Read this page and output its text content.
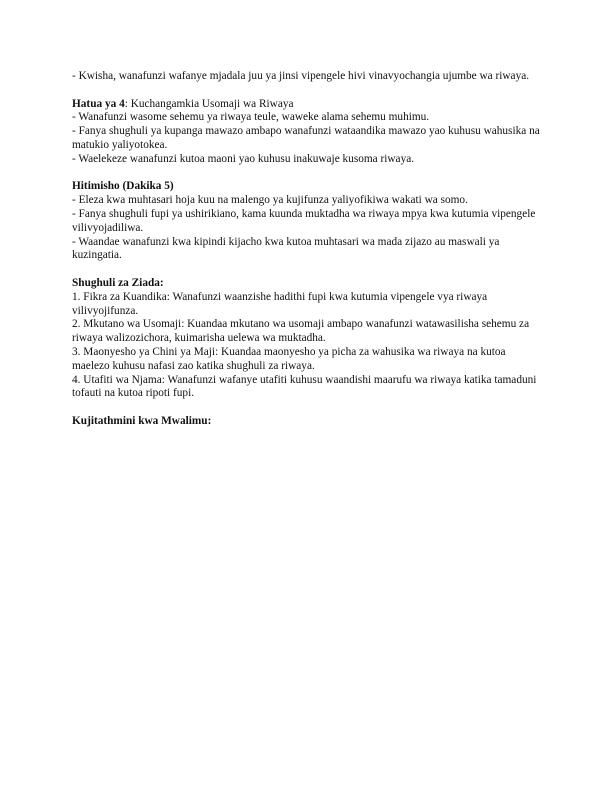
- Kwisha, wanafunzi wafanye mjadala juu ya jinsi vipengele hivi vinavyochangia ujumbe wa riwaya.
Hatua ya 4: Kuchangamkia Usomaji wa Riwaya
- Wanafunzi wasome sehemu ya riwaya teule, waweke alama sehemu muhimu.
- Fanya shughuli ya kupanga mawazo ambapo wanafunzi wataandika mawazo yao kuhusu wahusika na matukio yaliyotokea.
- Waelekeze wanafunzi kutoa maoni yao kuhusu inakuwaje kusoma riwaya.
Hitimisho (Dakika 5)
- Eleza kwa muhtasari hoja kuu na malengo ya kujifunza yaliyofikiwa wakati wa somo.
- Fanya shughuli fupi ya ushirikiano, kama kuunda muktadha wa riwaya mpya kwa kutumia vipengele vilivyojadiliwa.
- Waandae wanafunzi kwa kipindi kijacho kwa kutoa muhtasari wa mada zijazo au maswali ya kuzingatia.
Shughuli za Ziada:
1. Fikra za Kuandika: Wanafunzi waanzishe hadithi fupi kwa kutumia vipengele vya riwaya vilivyojifunza.
2. Mkutano wa Usomaji: Kuandaa mkutano wa usomaji ambapo wanafunzi watawasilisha sehemu za riwaya walizozichora, kuimarisha uelewa wa muktadha.
3. Maonyesho ya Chini ya Maji: Kuandaa maonyesho ya picha za wahusika wa riwaya na kutoa maelezo kuhusu nafasi zao katika shughuli za riwaya.
4. Utafiti wa Njama: Wanafunzi wafanye utafiti kuhusu waandishi maarufu wa riwaya katika tamaduni tofauti na kutoa ripoti fupi.
Kujitathmini kwa Mwalimu:
